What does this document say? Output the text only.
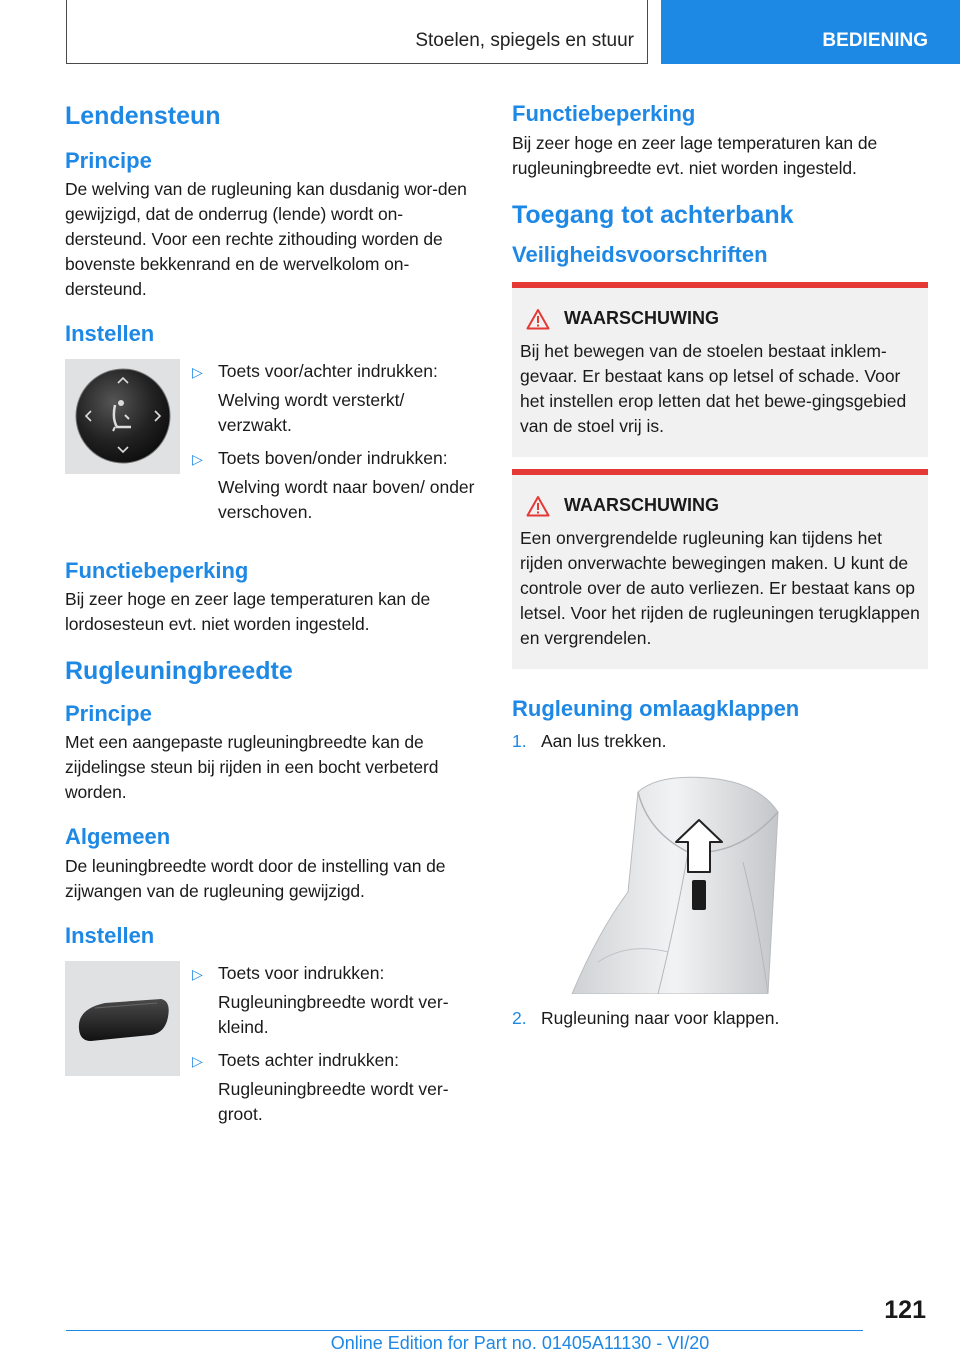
Stoelen, spiegels en stuur	BEDIENING
Lendensteun
Principe

De welving van de rugleuning kan dusdanig wor-den gewijzigd, dat de onderrug (lende) wordt on-dersteund. Voor een rechte zithouding worden de bovenste bekkenrand en de wervelkolom on-dersteund.

Instellen
▷ Toets voor/achter indrukken:
Welving wordt versterkt/ verzwakt.
▷ Toets boven/onder indrukken:
Welving wordt naar boven/ onder verschoven.
Functiebeperking

Bij zeer hoge en zeer lage temperaturen kan de lordosesteun evt. niet worden ingesteld.

Rugleuningbreedte
Principe

Met een aangepaste rugleuningbreedte kan de zijdelingse steun bij rijden in een bocht verbeterd worden.

Algemeen

De leuningbreedte wordt door de instelling van de zijwangen van de rugleuning gewijzigd.

Instellen
▷ Toets voor indrukken:
Rugleuningbreedte wordt ver-kleind.
▷ Toets achter indrukken:
Rugleuningbreedte wordt ver-groot.
Functiebeperking

Bij zeer hoge en zeer lage temperaturen kan de rugleuningbreedte evt. niet worden ingesteld.

Toegang tot achterbank
Veiligheidsvoorschriften
WAARSCHUWING
Bij het bewegen van de stoelen bestaat inklem-gevaar. Er bestaat kans op letsel of schade. Voor het instellen erop letten dat het bewe-gingsgebied van de stoel vrij is.
WAARSCHUWING
Een onvergrendelde rugleuning kan tijdens het rijden onverwachte bewegingen maken. U kunt de controle over de auto verliezen. Er bestaat kans op letsel. Voor het rijden de rugleuningen terugklappen en vergrendelen.
Rugleuning omlaagklappen
1. Aan lus trekken.
2. Rugleuning naar voor klappen.
121
Online Edition for Part no. 01405A11130 - VI/20
